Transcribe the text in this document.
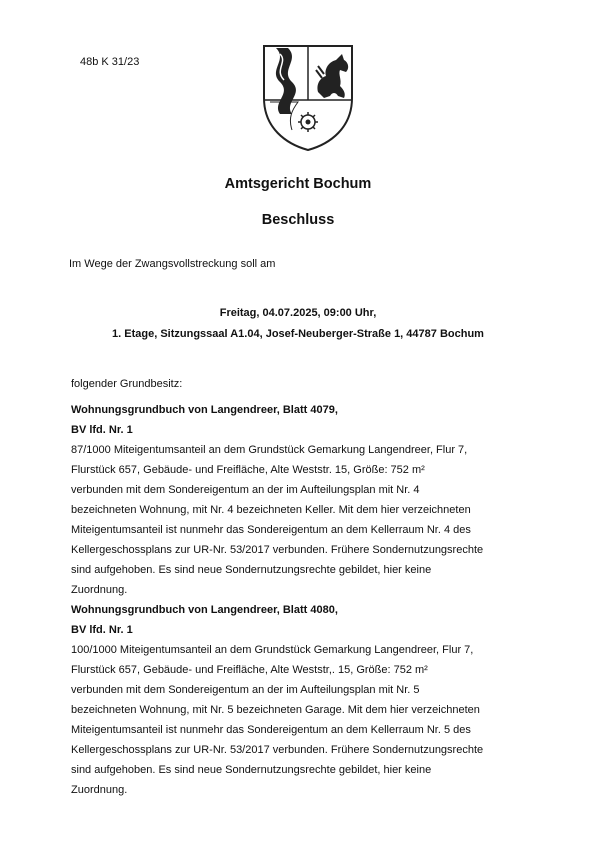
48b K 31/23
Amtsgericht Bochum
Beschluss
Im Wege der Zwangsvollstreckung soll am
Freitag, 04.07.2025, 09:00 Uhr,
1. Etage, Sitzungssaal A1.04, Josef-Neuberger-Straße 1, 44787 Bochum
folgender Grundbesitz:
Wohnungsgrundbuch von Langendreer, Blatt 4079,
BV lfd. Nr. 1
87/1000 Miteigentumsanteil an dem Grundstück Gemarkung Langendreer, Flur 7,
Flurstück 657, Gebäude- und Freifläche, Alte Weststr. 15, Größe: 752 m²
verbunden mit dem Sondereigentum an der im Aufteilungsplan mit Nr. 4
bezeichneten Wohnung, mit Nr. 4 bezeichneten Keller. Mit dem hier verzeichneten
Miteigentumsanteil ist nunmehr das Sondereigentum an dem Kellerraum Nr. 4 des
Kellergeschossplans zur UR-Nr. 53/2017 verbunden. Frühere Sondernutzungsrechte
sind aufgehoben. Es sind neue Sondernutzungsrechte gebildet, hier keine
Zuordnung.
Wohnungsgrundbuch von Langendreer, Blatt 4080,
BV lfd. Nr. 1
100/1000 Miteigentumsanteil an dem Grundstück Gemarkung Langendreer, Flur 7,
Flurstück 657, Gebäude- und Freifläche, Alte Weststr,. 15, Größe: 752 m²
verbunden mit dem Sondereigentum an der im Aufteilungsplan mit Nr. 5
bezeichneten Wohnung, mit Nr. 5 bezeichneten Garage. Mit dem hier verzeichneten
Miteigentumsanteil ist nunmehr das Sondereigentum an dem Kellerraum Nr. 5 des
Kellergeschossplans zur UR-Nr. 53/2017 verbunden. Frühere Sondernutzungsrechte
sind aufgehoben. Es sind neue Sondernutzungsrechte gebildet, hier keine
Zuordnung.
